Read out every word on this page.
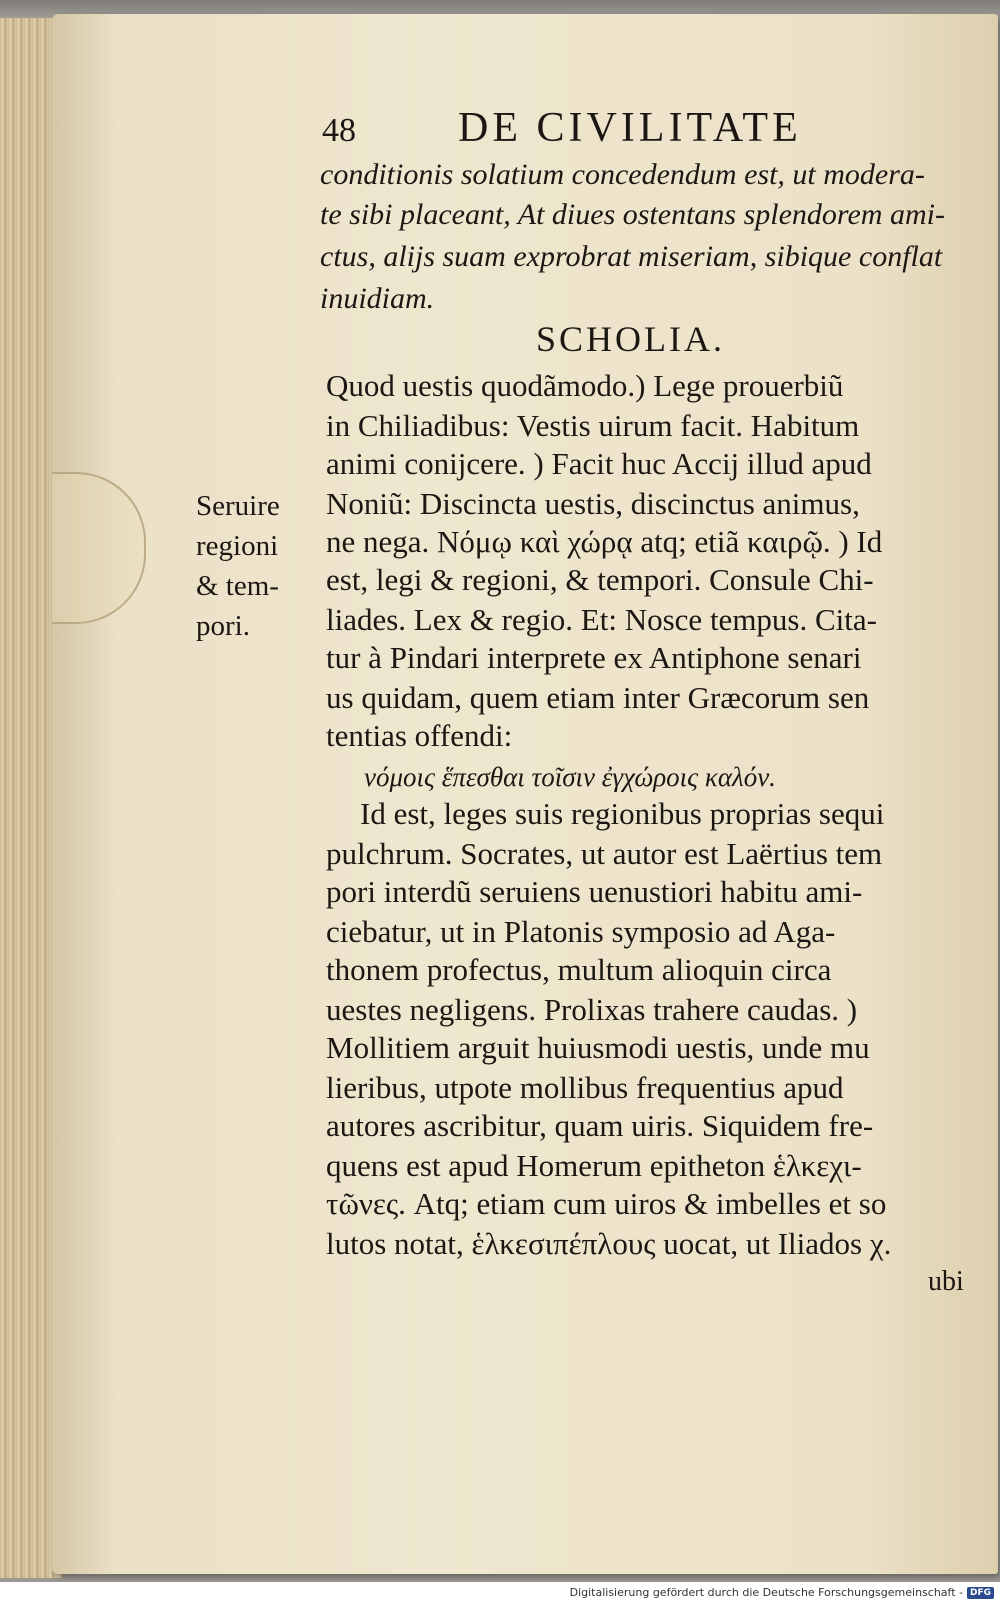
48 DE CIVILITATE
conditionis solatium concedendum est, ut modera-
te sibi placeant, At diues ostentans splendorem ami-
ctus, alijs suam exprobrat miseriam, sibique conflat
inuidiam.
SCHOLIA.
Quod uestis quodãmodo.) Lege prouerbiũ
in Chiliadibus: Vestis uirum facit. Habitum
animi conijcere. ) Facit huc Accij illud apud
Noniũ: Discincta uestis, discinctus animus,
ne nega. Νόμῳ καὶ χώρᾳ atq; etiã καιρῷ. ) Id
est, legi & regioni, & tempori. Consule Chi-
liades. Lex & regio. Et: Nosce tempus. Cita-
tur à Pindari interprete ex Antiphone senari
us quidam, quem etiam inter Græcorum sen
tentias offendi:
νόμοις ἕπεσθαι τοῖσιν ἐγχώροις καλόν.
Id est, leges suis regionibus proprias sequi
pulchrum. Socrates, ut autor est Laërtius tem
pori interdũ seruiens uenustiori habitu ami-
ciebatur, ut in Platonis symposio ad Aga-
thonem profectus, multum alioquin circa
uestes negligens. Prolixas trahere caudas. )
Mollitiem arguit huiusmodi uestis, unde mu
lieribus, utpote mollibus frequentius apud
autores ascribitur, quam uiris. Siquidem fre-
quens est apud Homerum epitheton ἑλκεχι-
τῶνες. Atq; etiam cum uiros & imbelles et so
lutos notat, ἑλκεσιπέπλους uocat, ut Iliados χ.
ubi
Seruire
regioni
& tem-
pori.
Digitalisierung gefördert durch die Deutsche Forschungsgemeinschaft - DFG
